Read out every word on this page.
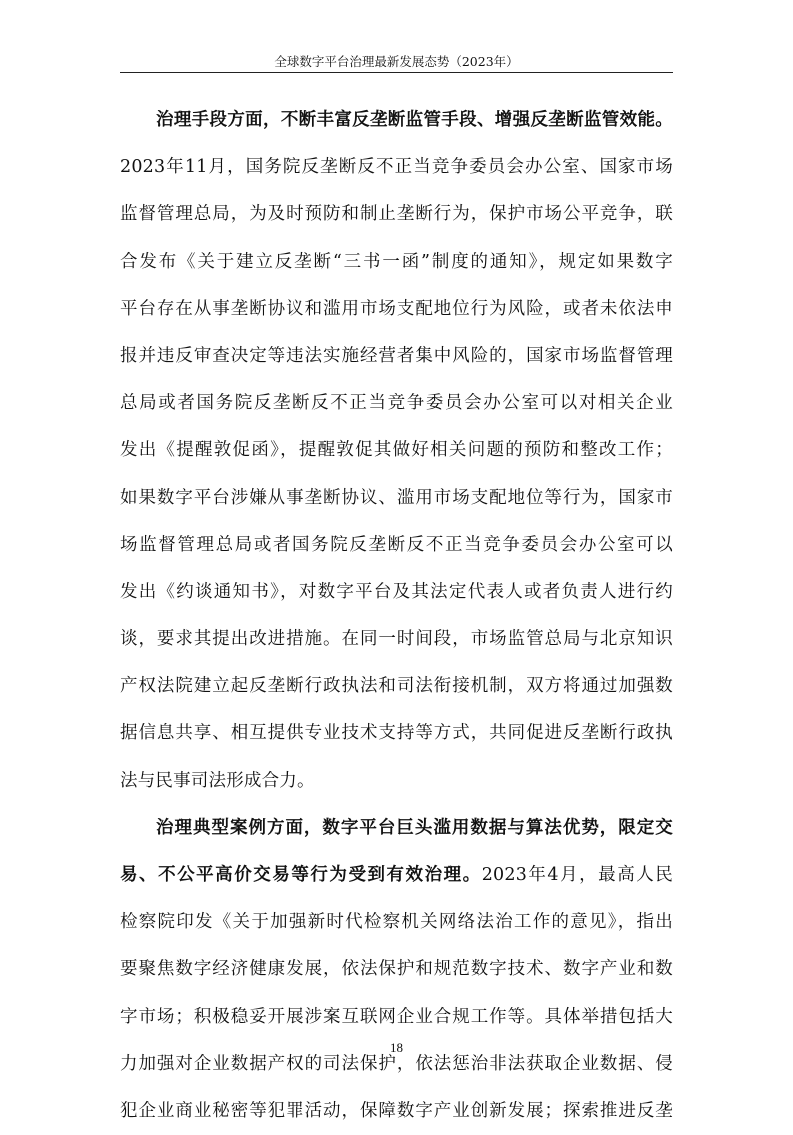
全球数字平台治理最新发展态势（2023年）
治理手段方面，不断丰富反垄断监管手段、增强反垄断监管效能。
2023年11月，国务院反垄断反不正当竞争委员会办公室、国家市场
监督管理总局，为及时预防和制止垄断行为，保护市场公平竞争，联
合发布《关于建立反垄断“三书一函”制度的通知》，规定如果数字
平台存在从事垄断协议和滥用市场支配地位行为风险，或者未依法申
报并违反审查决定等违法实施经营者集中风险的，国家市场监督管理
总局或者国务院反垄断反不正当竞争委员会办公室可以对相关企业
发出《提醒敦促函》，提醒敦促其做好相关问题的预防和整改工作；
如果数字平台涉嫌从事垄断协议、滥用市场支配地位等行为，国家市
场监督管理总局或者国务院反垄断反不正当竞争委员会办公室可以
发出《约谈通知书》，对数字平台及其法定代表人或者负责人进行约
谈，要求其提出改进措施。在同一时间段，市场监管总局与北京知识
产权法院建立起反垄断行政执法和司法衔接机制，双方将通过加强数
据信息共享、相互提供专业技术支持等方式，共同促进反垄断行政执
法与民事司法形成合力。
治理典型案例方面，数字平台巨头滥用数据与算法优势，限定交
易、不公平高价交易等行为受到有效治理。2023年4月，最高人民
检察院印发《关于加强新时代检察机关网络法治工作的意见》，指出
要聚焦数字经济健康发展，依法保护和规范数字技术、数字产业和数
字市场；积极稳妥开展涉案互联网企业合规工作等。具体举措包括大
力加强对企业数据产权的司法保护，依法惩治非法获取企业数据、侵
犯企业商业秘密等犯罪活动，保障数字产业创新发展；探索推进反垄
18
